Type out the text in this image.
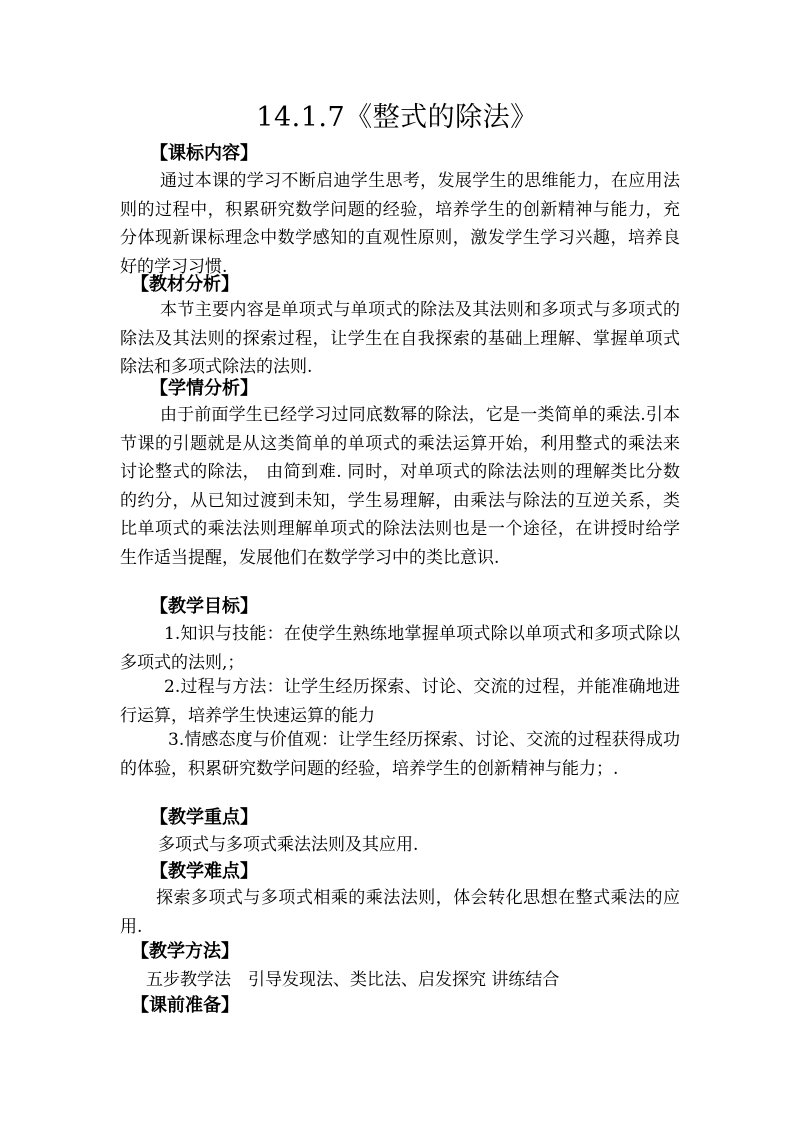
14.1.7《整式的除法》
【课标内容】

通过本课的学习不断启迪学生思考，发展学生的思维能力，在应用法则的过程中，积累研究数学问题的经验，培养学生的创新精神与能力，充分体现新课标理念中数学感知的直观性原则，激发学生学习兴趣，培养良好的学习习惯.

【教材分析】

本节主要内容是单项式与单项式的除法及其法则和多项式与多项式的除法及其法则的探索过程，让学生在自我探索的基础上理解、掌握单项式除法和多项式除法的法则.

【学情分析】

由于前面学生已经学习过同底数幂的除法，它是一类简单的乘法.引本节课的引题就是从这类简单的单项式的乘法运算开始，利用整式的乘法来讨论整式的除法， 由简到难. 同时，对单项式的除法法则的理解类比分数的约分，从已知过渡到未知，学生易理解，由乘法与除法的互逆关系，类比单项式的乘法法则理解单项式的除法法则也是一个途径，在讲授时给学生作适当提醒，发展他们在数学学习中的类比意识.

【教学目标】

1.知识与技能：在使学生熟练地掌握单项式除以单项式和多项式除以多项式的法则,；

2.过程与方法：让学生经历探索、讨论、交流的过程，并能准确地进行运算，培养学生快速运算的能力

3.情感态度与价值观：让学生经历探索、讨论、交流的过程获得成功的体验，积累研究数学问题的经验，培养学生的创新精神与能力；.

【教学重点】
多项式与多项式乘法法则及其应用.
【教学难点】

探索多项式与多项式相乘的乘法法则，体会转化思想在整式乘法的应用.

【教学方法】
五步教学法　引导发现法、类比法、启发探究 讲练结合
【课前准备】
